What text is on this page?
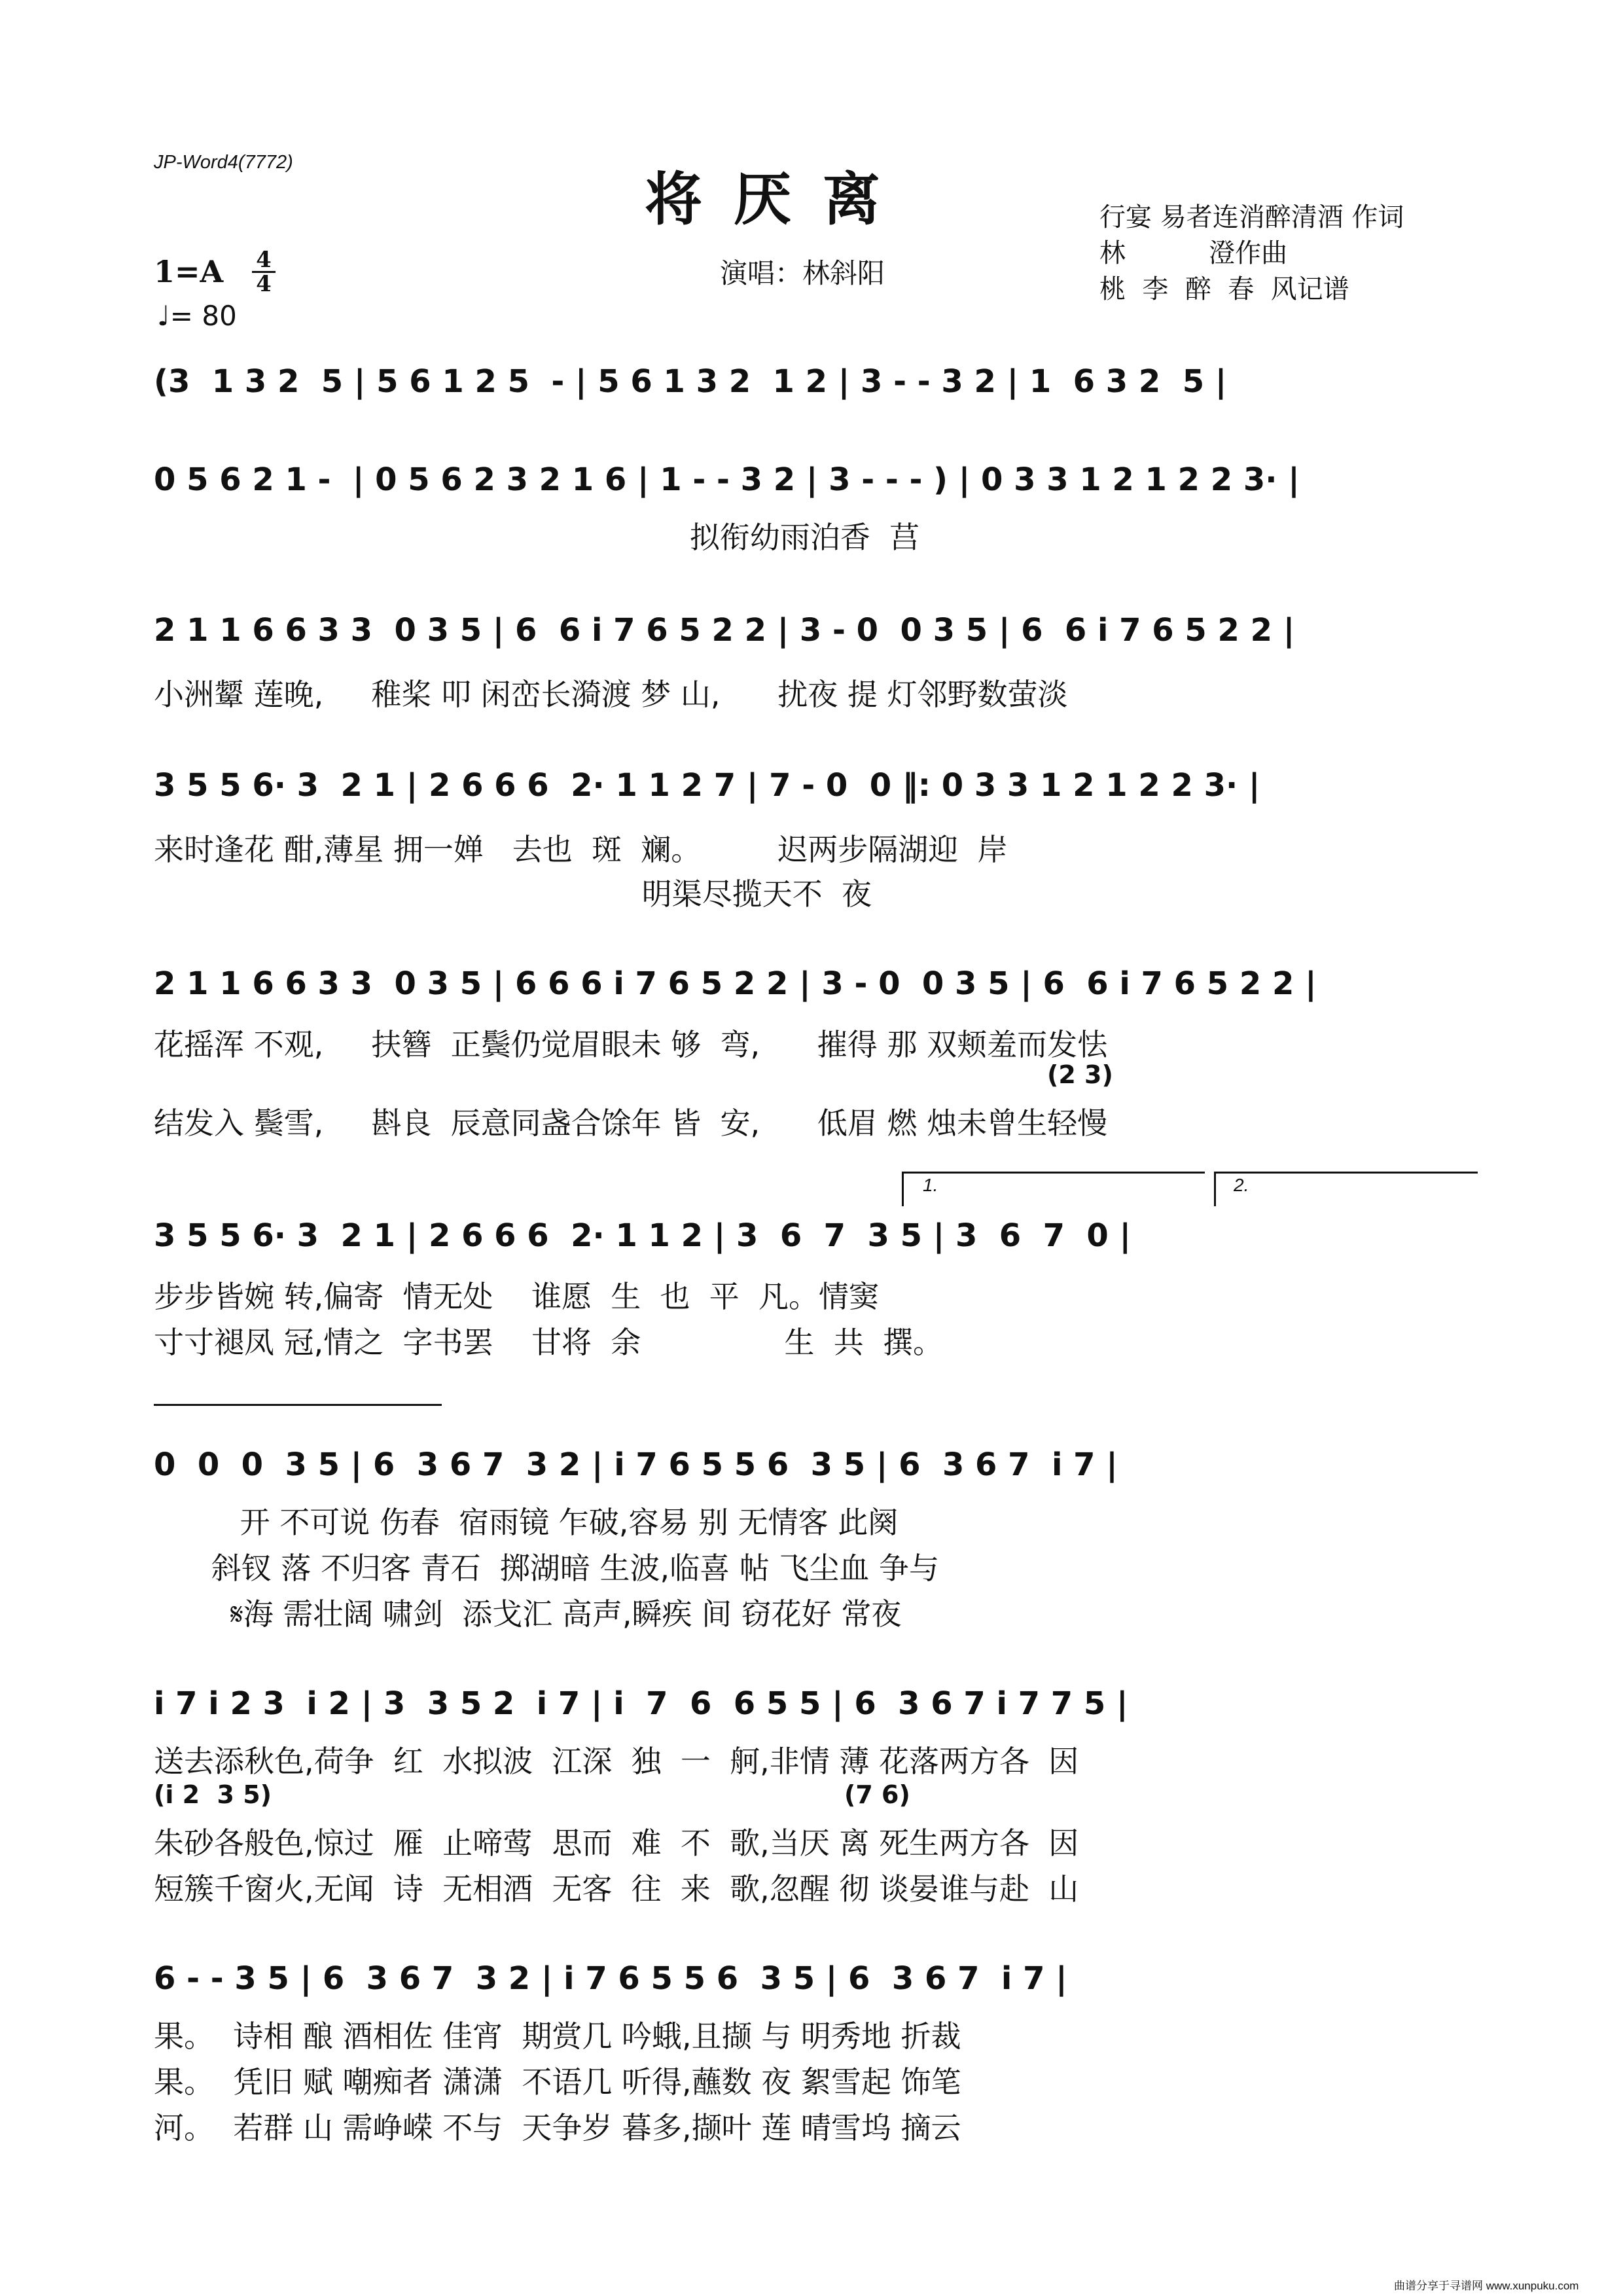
JP-Word4(7772)
将厌离
演唱：林斜阳
行宴 易者连消醉清酒 作词
林          澄作曲
桃  李  醉  春  风记谱
1=A 4
4
♩= 80
(3  1 3 2  5 | 5 6 1 2 5  - | 5 6 1 3 2  1 2 | 3 - - 3 2 | 1  6 3 2  5 |
0 5 6 2 1 -  | 0 5 6 2 3 2 1 6 | 1 - - 3 2 | 3 - - - ) | 0 3 3 1 2 1 2 2 3· |
拟衔幼雨泊香  莒
2 1 1 6 6 3 3  0 3 5 | 6  6 i 7 6 5 2 2 | 3 - 0  0 3 5 | 6  6 i 7 6 5 2 2 |
小洲颦 莲晚,     稚桨 叩 闲峦长漪渡 梦 山,      扰夜 提 灯邻野数萤淡
3 5 5 6· 3  2 1 | 2 6 6 6  2· 1 1 2 7 | 7 - 0  0 ‖: 0 3 3 1 2 1 2 2 3· |
来时逢花 酣,薄星 拥一婵   去也  斑  斓。        迟两步隔湖迎  岸
明渠尽揽天不  夜
2 1 1 6 6 3 3  0 3 5 | 6 6 6 i 7 6 5 2 2 | 3 - 0  0 3 5 | 6  6 i 7 6 5 2 2 |
花摇浑 不观,     扶簪  正鬓仍觉眉眼未 够  弯,      摧得 那 双颊羞而发怯
(2 3)
结发入 鬓雪,     斟良  辰意同盏合馀年 皆  安,      低眉 燃 烛未曾生轻慢
1.	2.
3 5 5 6· 3  2 1 | 2 6 6 6  2· 1 1 2 | 3  6  7  3 5 | 3  6  7  0 |
步步皆婉 转,偏寄  情无处    谁愿  生  也  平  凡。情窦
寸寸褪凤 冠,情之  字书罢    甘将  余               生  共  撰。
0  0  0  3 5 | 6  3 6 7  3 2 | i 7 6 5 5 6  3 5 | 6  3 6 7  i 7 |
开 不可说 伤春  宿雨镜 乍破,容易 别 无情客 此阕
斜钗 落 不归客 青石  掷湖暗 生波,临喜 帖 飞尘血 争与
𝄋海 需壮阔 啸剑  添戈汇 高声,瞬疾 间 窃花好 常夜
i 7 i 2 3  i 2 | 3  3 5 2  i 7 | i  7  6  6 5 5 | 6  3 6 7 i 7 7 5 |
送去添秋色,荷争  红  水拟波  江深  独  一  舸,非情 薄 花落两方各  因
(i 2  3 5)	(7 6)
朱砂各般色,惊过  雁  止啼莺  思而  难  不  歌,当厌 离 死生两方各  因
短簇千窗火,无闻  诗  无相酒  无客  往  来  歌,忽醒 彻 谈晏谁与赴  山
6 - - 3 5 | 6  3 6 7  3 2 | i 7 6 5 5 6  3 5 | 6  3 6 7  i 7 |
果。  诗相 酿 酒相佐 佳宵  期赏几 吟蛾,且撷 与 明秀地 折裁
果。  凭旧 赋 嘲痴者 潇潇  不语几 听得,蘸数 夜 絮雪起 饰笔
河。  若群 山 需峥嵘 不与  天争岁 暮多,撷叶 莲 晴雪坞 摘云
曲谱分享于寻谱网 www.xunpuku.com
